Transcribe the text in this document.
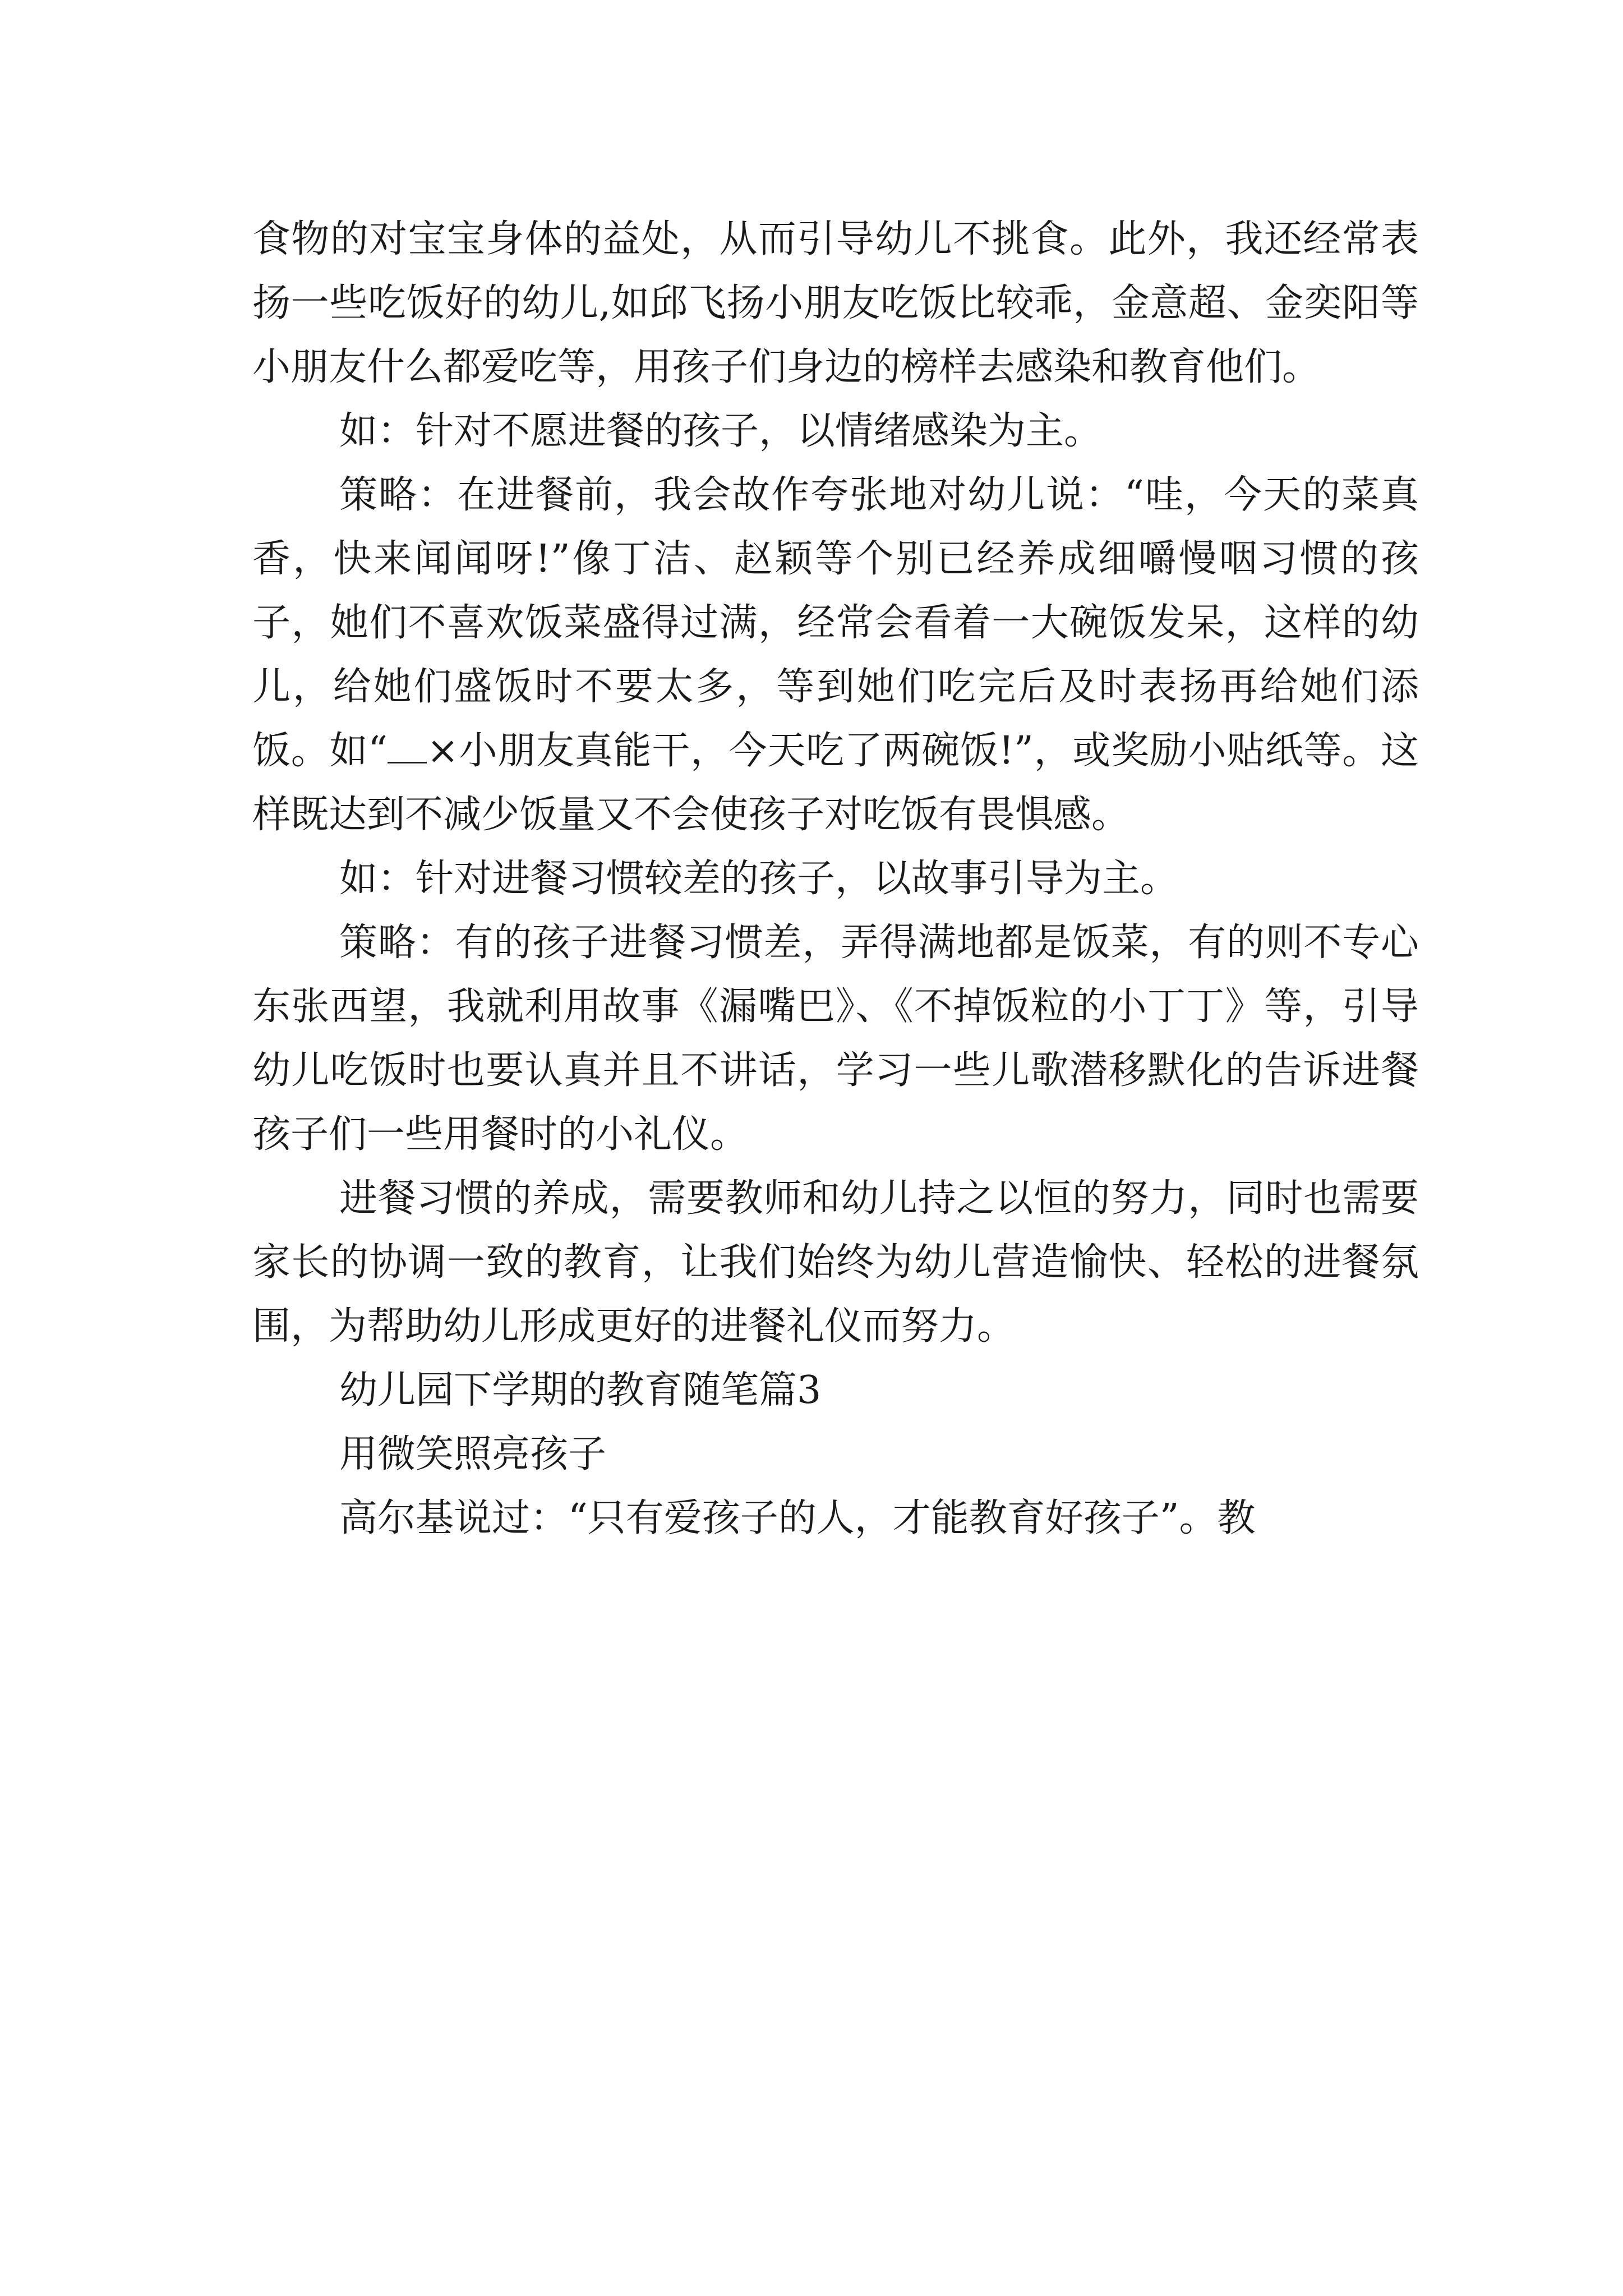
食物的对宝宝身体的益处，从而引导幼儿不挑食。此外，我还经常表扬一些吃饭好的幼儿,如邱飞扬小朋友吃饭比较乖，金意超、金奕阳等小朋友什么都爱吃等，用孩子们身边的榜样去感染和教育他们。

如：针对不愿进餐的孩子，以情绪感染为主。

策略：在进餐前，我会故作夸张地对幼儿说：“哇，今天的菜真香，快来闻闻呀!”像丁洁、赵颖等个别已经养成细嚼慢咽习惯的孩子，她们不喜欢饭菜盛得过满，经常会看着一大碗饭发呆，这样的幼儿，给她们盛饭时不要太多，等到她们吃完后及时表扬再给她们添饭。如“ ×小朋友真能干，今天吃了两碗饭!”，或奖励小贴纸等。这样既达到不减少饭量又不会使孩子对吃饭有畏惧感。

如：针对进餐习惯较差的孩子，以故事引导为主。

策略：有的孩子进餐习惯差，弄得满地都是饭菜，有的则不专心东张西望，我就利用故事《漏嘴巴》、《不掉饭粒的小丁丁》等，引导幼儿吃饭时也要认真并且不讲话，学习一些儿歌潜移默化的告诉进餐孩子们一些用餐时的小礼仪。

进餐习惯的养成，需要教师和幼儿持之以恒的努力，同时也需要家长的协调一致的教育，让我们始终为幼儿营造愉快、轻松的进餐氛围，为帮助幼儿形成更好的进餐礼仪而努力。

幼儿园下学期的教育随笔篇3

用微笑照亮孩子

高尔基说过：“只有爱孩子的人，才能教育好孩子”。教
